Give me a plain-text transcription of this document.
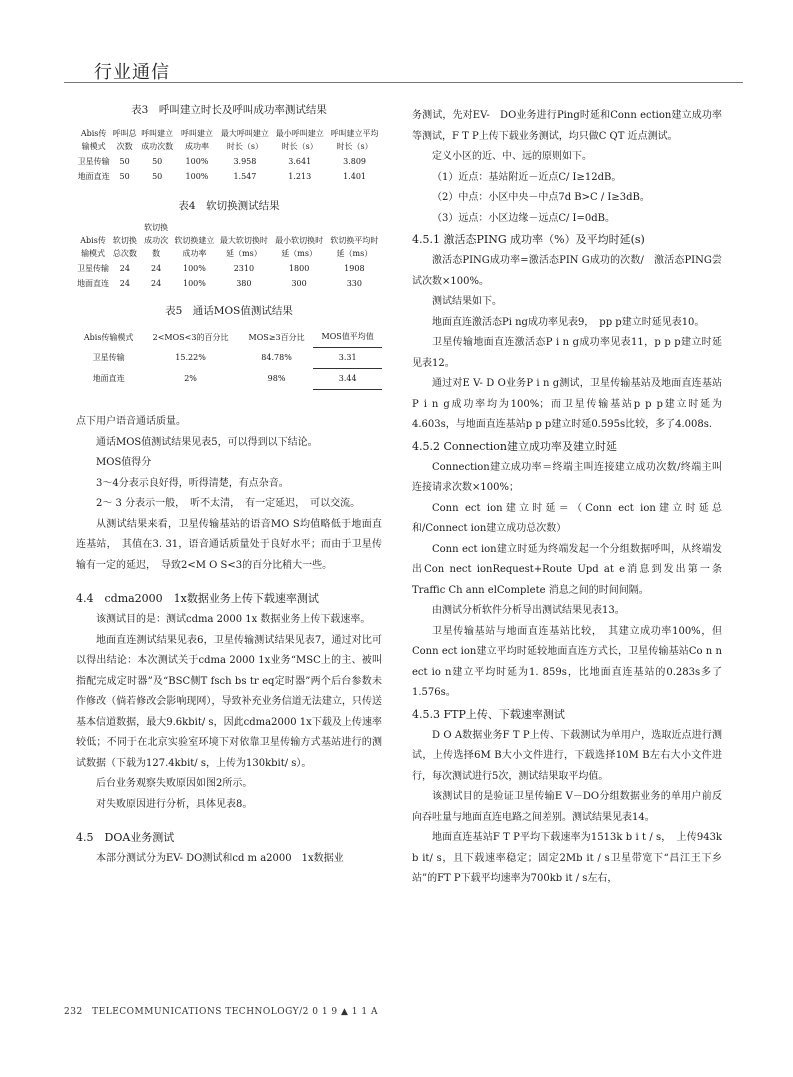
行业通信

表3　呼叫建立时长及呼叫成功率测试结果

Abis传输模式	呼叫总次数	呼叫建立成功次数	呼叫建立成功率	最大呼叫建立时长（s）	最小呼叫建立时长（s）	呼叫建立平均时长（s）
卫星传输	50	50	100%	3.958	3.641	3.809
地面直连	50	50	100%	1.547	1.213	1.401

表4　软切换测试结果

Abis传输模式	软切换总次数	软切换成功次数	软切换建立成功率	最大软切换时延（ms）	最小软切换时延（ms）	软切换平均时延（ms）
卫星传输	24	24	100%	2310	1800	1908
地面直连	24	24	100%	380	300	330

表5　通话MOS值测试结果

Abis传输模式	2<MOS<3的百分比	MOS≥3百分比	MOS值平均值
卫星传输	15.22%	84.78%	3.31
地面直连	2%	98%	3.44

点下用户语音通话质量。

通话MOS值测试结果见表5，可以得到以下结论。

MOS值得分

3～4分表示良好得，听得清楚，有点杂音。

2～ 3 分表示一般，　听不太清，　有一定延迟，　可以交流。

从测试结果来看，卫星传输基站的语音MO S均值略低于地面直连基站，　其值在3. 31，语音通话质量处于良好水平；而由于卫星传输有一定的延迟，　导致2<M O S<3的百分比稍大一些。

4.4　cdma2000　1x数据业务上传下载速率测试

该测试目的是：测试cdma 2000 1x 数据业务上传下载速率。

地面直连测试结果见表6，卫星传输测试结果见表7，通过对比可以得出结论：本次测试关于cdma 2000 1x业务“MSC上的主、被叫指配完成定时器”及“BSC侧T fsch bs tr eq定时器”两个后台参数未作修改（倘若修改会影响现网），导致补充业务信道无法建立，只传送基本信道数据，最大9.6kbit/ s，因此cdma2000 1x下载及上传速率较低；不同于在北京实验室环境下对依靠卫星传输方式基站进行的测试数据（下载为127.4kbit/ s，上传为130kbit/ s）。

后台业务观察失败原因如图2所示。

对失败原因进行分析，具体见表8。

4.5　DOA业务测试

本部分测试分为EV- DO测试和cd m a2000　1x数据业

务测试，先对EV-　DO业务进行Ping时延和Conn ection建立成功率等测试，F T P上传下载业务测试，均只做C QT 近点测试。

定义小区的近、中、远的原则如下。

（1）近点：基站附近－近点C/ I≥12dB。

（2）中点：小区中央－中点7d B>C / I≥3dB。

（3）远点：小区边缘－远点C/ I=0dB。

4.5.1 激活态PING 成功率（%）及平均时延(s)

激活态PING成功率=激活态PIN G成功的次数/　激活态PING尝试次数×100%。

测试结果如下。

地面直连激活态Pi ng成功率见表9，　pp p建立时延见表10。

卫星传输地面直连激活态P i n g成功率见表11，p p p建立时延见表12。

通过对E V- D O业务P i n g测试，卫星传输基站及地面直连基站P i n g成功率均为100%；而卫星传输基站p p p建立时延为4.603s，与地面直连基站p p p建立时延0.595s比较，多了4.008s.

4.5.2 Connection建立成功率及建立时延

Connection建立成功率＝终端主叫连接建立成功次数/终端主叫连接请求次数×100%；

Conn ect ion建立时延＝（Conn ect ion建立时延总和/Connect ion建立成功总次数）

Conn ect ion建立时延为终端发起一个分组数据呼叫，从终端发出Con nect ionRequest+Route Upd at e消息到发出第一条Traffic Ch ann elComplete 消息之间的时间间隔。

由测试分析软件分析导出测试结果见表13。

卫星传输基站与地面直连基站比较，　其建立成功率100%，但Conn ect ion建立平均时延较地面直连方式长，卫星传输基站Co n n ect io n建立平均时延为1. 859s，比地面直连基站的0.283s多了1.576s。

4.5.3 FTP上传、下载速率测试

D O A数据业务F T P上传、下载测试为单用户，选取近点进行测试，上传选择6M B大小文件进行，下载选择10M B左右大小文件进行，每次测试进行5次，测试结果取平均值。

该测试目的是验证卫星传输E V－DO分组数据业务的单用户前反向吞吐量与地面直连电路之间差别。测试结果见表14。

地面直连基站F T P平均下载速率为1513k b i t / s，　上传943k b it/ s，且下载速率稳定；固定2Mb it / s卫星带宽下“昌江王下乡站”的FT P下载平均速率为700kb it / s左右，

232　TELECOMMUNICATIONS TECHNOLOGY/2 0 1 9 ▲ 1 1 A
